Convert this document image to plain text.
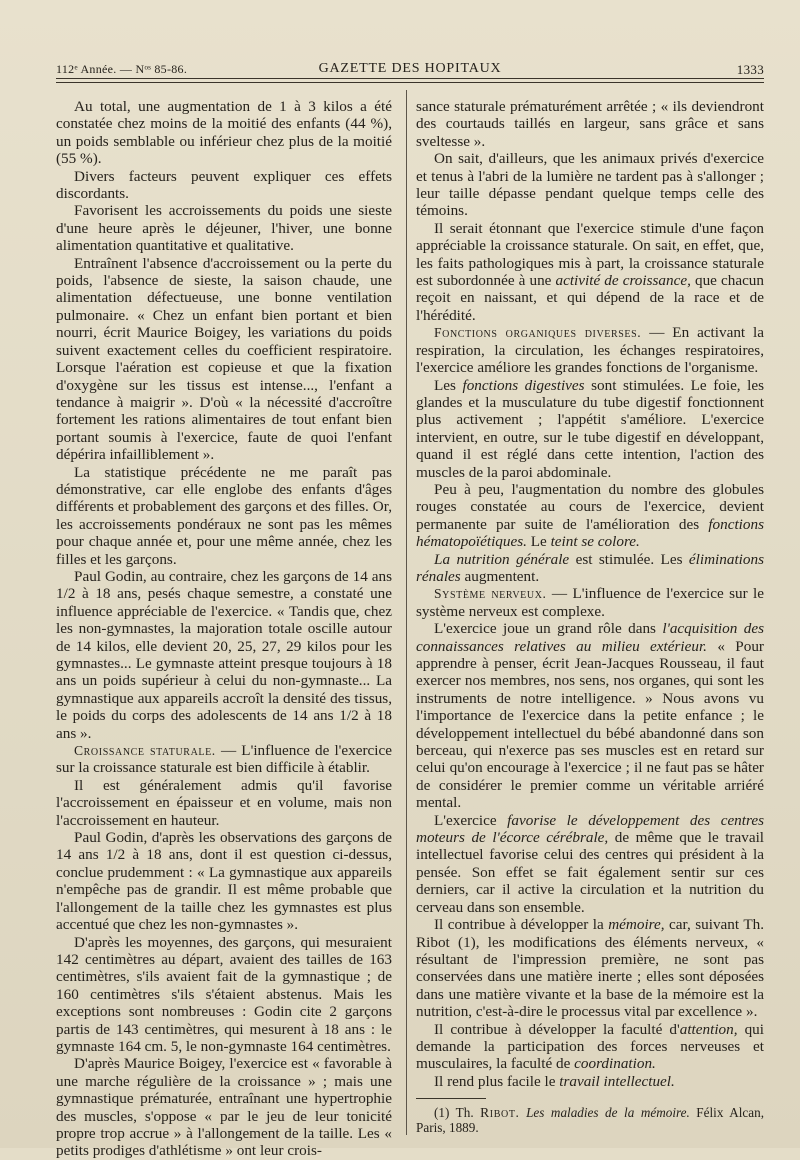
112ᵉ Année. — Nᵒˢ 85-86.	GAZETTE DES HOPITAUX	1333

Au total, une augmentation de 1 à 3 kilos a été constatée chez moins de la moitié des enfants (44 %), un poids semblable ou inférieur chez plus de la moitié (55 %).

Divers facteurs peuvent expliquer ces effets discordants.

Favorisent les accroissements du poids une sieste d'une heure après le déjeuner, l'hiver, une bonne alimentation quantitative et qualitative.

Entraînent l'absence d'accroissement ou la perte du poids, l'absence de sieste, la saison chaude, une alimentation défectueuse, une bonne ventilation pulmonaire. « Chez un enfant bien portant et bien nourri, écrit Maurice Boigey, les variations du poids suivent exactement celles du coefficient respiratoire. Lorsque l'aération est copieuse et que la fixation d'oxygène sur les tissus est intense..., l'enfant a tendance à maigrir ». D'où « la nécessité d'accroître fortement les rations alimentaires de tout enfant bien portant soumis à l'exercice, faute de quoi l'enfant dépérira infailliblement ».

La statistique précédente ne me paraît pas démonstrative, car elle englobe des enfants d'âges différents et probablement des garçons et des filles. Or, les accroissements pondéraux ne sont pas les mêmes pour chaque année et, pour une même année, chez les filles et les garçons.

Paul Godin, au contraire, chez les garçons de 14 ans 1/2 à 18 ans, pesés chaque semestre, a constaté une influence appréciable de l'exercice. « Tandis que, chez les non-gymnastes, la majoration totale oscille autour de 14 kilos, elle devient 20, 25, 27, 29 kilos pour les gymnastes... Le gymnaste atteint presque toujours à 18 ans un poids supérieur à celui du non-gymnaste... La gymnastique aux appareils accroît la densité des tissus, le poids du corps des adolescents de 14 ans 1/2 à 18 ans ».

Croissance staturale. — L'influence de l'exercice sur la croissance staturale est bien difficile à établir.

Il est généralement admis qu'il favorise l'accroissement en épaisseur et en volume, mais non l'accroissement en hauteur.

Paul Godin, d'après les observations des garçons de 14 ans 1/2 à 18 ans, dont il est question ci-dessus, conclue prudemment : « La gymnastique aux appareils n'empêche pas de grandir. Il est même probable que l'allongement de la taille chez les gymnastes est plus accentué que chez les non-gymnastes ».

D'après les moyennes, des garçons, qui mesuraient 142 centimètres au départ, avaient des tailles de 163 centimètres, s'ils avaient fait de la gymnastique ; de 160 centimètres s'ils s'étaient abstenus. Mais les exceptions sont nombreuses : Godin cite 2 garçons partis de 143 centimètres, qui mesurent à 18 ans : le gymnaste 164 cm. 5, le non-gymnaste 164 centimètres.

D'après Maurice Boigey, l'exercice est « favorable à une marche régulière de la croissance » ; mais une gymnastique prématurée, entraînant une hypertrophie des muscles, s'oppose « par le jeu de leur tonicité propre trop accrue » à l'allongement de la taille. Les « petits prodiges d'athlétisme » ont leur crois-

sance staturale prématurément arrêtée ; « ils deviendront des courtauds taillés en largeur, sans grâce et sans sveltesse ».

On sait, d'ailleurs, que les animaux privés d'exercice et tenus à l'abri de la lumière ne tardent pas à s'allonger ; leur taille dépasse pendant quelque temps celle des témoins.

Il serait étonnant que l'exercice stimule d'une façon appréciable la croissance staturale. On sait, en effet, que, les faits pathologiques mis à part, la croissance staturale est subordonnée à une activité de croissance, que chacun reçoit en naissant, et qui dépend de la race et de l'hérédité.

Fonctions organiques diverses. — En activant la respiration, la circulation, les échanges respiratoires, l'exercice améliore les grandes fonctions de l'organisme.

Les fonctions digestives sont stimulées. Le foie, les glandes et la musculature du tube digestif fonctionnent plus activement ; l'appétit s'améliore. L'exercice intervient, en outre, sur le tube digestif en développant, quand il est réglé dans cette intention, l'action des muscles de la paroi abdominale.

Peu à peu, l'augmentation du nombre des globules rouges constatée au cours de l'exercice, devient permanente par suite de l'amélioration des fonctions hématopoïétiques. Le teint se colore.

La nutrition générale est stimulée. Les éliminations rénales augmentent.

Système nerveux. — L'influence de l'exercice sur le système nerveux est complexe.

L'exercice joue un grand rôle dans l'acquisition des connaissances relatives au milieu extérieur. « Pour apprendre à penser, écrit Jean-Jacques Rousseau, il faut exercer nos membres, nos sens, nos organes, qui sont les instruments de notre intelligence. » Nous avons vu l'importance de l'exercice dans la petite enfance ; le développement intellectuel du bébé abandonné dans son berceau, qui n'exerce pas ses muscles est en retard sur celui qu'on encourage à l'exercice ; il ne faut pas se hâter de considérer le premier comme un véritable arriéré mental.

L'exercice favorise le développement des centres moteurs de l'écorce cérébrale, de même que le travail intellectuel favorise celui des centres qui président à la pensée. Son effet se fait également sentir sur ces derniers, car il active la circulation et la nutrition du cerveau dans son ensemble.

Il contribue à développer la mémoire, car, suivant Th. Ribot (1), les modifications des éléments nerveux, « résultant de l'impression première, ne sont pas conservées dans une matière inerte ; elles sont déposées dans une matière vivante et la base de la mémoire est la nutrition, c'est-à-dire le processus vital par excellence ».

Il contribue à développer la faculté d'attention, qui demande la participation des forces nerveuses et musculaires, la faculté de coordination.

Il rend plus facile le travail intellectuel.

(1) Th. Ribot. Les maladies de la mémoire. Félix Alcan, Paris, 1889.
